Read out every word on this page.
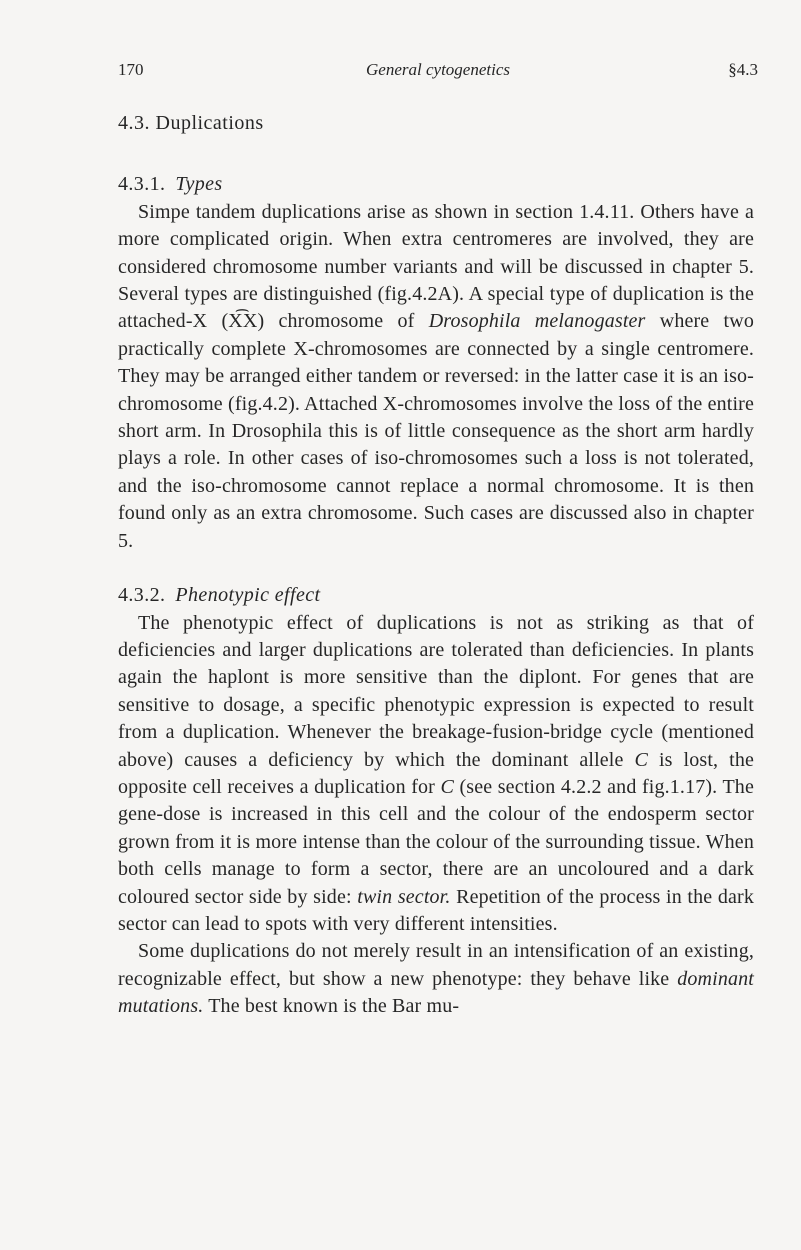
170	General cytogenetics	§4.3
4.3. Duplications
4.3.1. Types

Simpe tandem duplications arise as shown in section 1.4.11. Others have a more complicated origin. When extra centromeres are involved, they are considered chromosome number variants and will be discussed in chapter 5. Several types are distinguished (fig.4.2A). A special type of duplication is the attached-X (X͡X) chromosome of Drosophila melanogaster where two practically complete X-chromosomes are connected by a single centromere. They may be arranged either tandem or reversed: in the latter case it is an iso-chromosome (fig.4.2). Attached X-chromosomes involve the loss of the entire short arm. In Drosophila this is of little consequence as the short arm hardly plays a role. In other cases of iso-chromosomes such a loss is not tolerated, and the iso-chromosome cannot replace a normal chromosome. It is then found only as an extra chromosome. Such cases are discussed also in chapter 5.

4.3.2. Phenotypic effect

The phenotypic effect of duplications is not as striking as that of deficiencies and larger duplications are tolerated than deficiencies. In plants again the haplont is more sensitive than the diplont. For genes that are sensitive to dosage, a specific phenotypic expression is expected to result from a duplication. Whenever the breakage-fusion-bridge cycle (mentioned above) causes a deficiency by which the dominant allele C is lost, the opposite cell receives a duplication for C (see section 4.2.2 and fig.1.17). The gene-dose is increased in this cell and the colour of the endosperm sector grown from it is more intense than the colour of the surrounding tissue. When both cells manage to form a sector, there are an uncoloured and a dark coloured sector side by side: twin sector. Repetition of the process in the dark sector can lead to spots with very different intensities.

Some duplications do not merely result in an intensification of an existing, recognizable effect, but show a new phenotype: they behave like dominant mutations. The best known is the Bar mu-
